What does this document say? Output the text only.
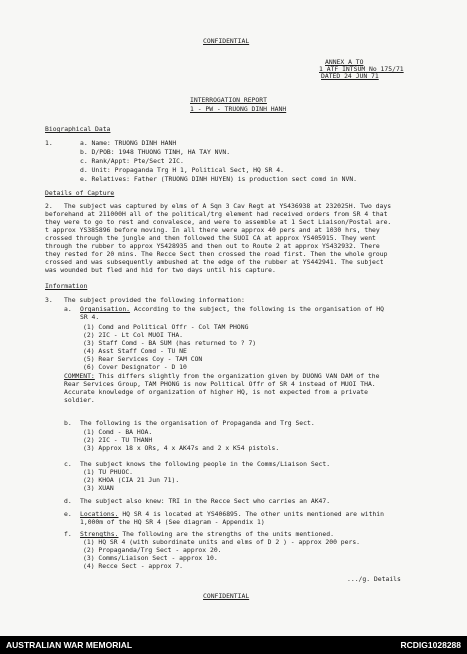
CONFIDENTIAL
ANNEX A TO
1 ATF INTSUM No 175/71
DATED 24 JUN 71
INTERROGATION REPORT
1 - PW - TRUONG DINH HANH
Biographical Data
1.	a. Name: TRUONG DINH HANH
b. D/POB: 1948 THUONG TINH, HA TAY NVN.
c. Rank/Appt: Pte/Sect 2IC.
d. Unit: Propaganda Trg H 1, Political Sect, HQ SR 4.
e. Relatives: Father (TRUONG DINH HUYEN) is production sect comd in NVN.
Details of Capture
2. The subject was captured by elms of A Sqn 3 Cav Regt at YS436938 at 232025H. Two days
beforehand at 211000H all of the political/trg element had received orders from SR 4 that
they were to go to rest and convalesce, and were to assemble at 1 Sect Liaison/Postal are.
t approx YS385896 before moving. In all there were approx 40 pers and at 1030 hrs, they
crossed through the jungle and then followed the SUOI CA at approx YS405915. They went
through the rubber to approx YS428935 and then out to Route 2 at approx YS432932. There
they rested for 20 mins. The Recce Sect then crossed the road first. Then the whole group
crossed and was subsequently ambushed at the edge of the rubber at YS442941. The subject
was wounded but fled and hid for two days until his capture.
Information
3. The subject provided the following information:
a. Organisation. According to the subject, the following is the organisation of HQ
SR 4.
(1) Comd and Political Offr - Col TAM PHONG
(2) 2IC - Lt Col MUOI THA.
(3) Staff Comd - BA SUM (has returned to ? 7)
(4) Asst Staff Comd - TU NE
(5) Rear Services Coy - TAM CON
(6) Cover Designator - D 10
COMMENT: This differs slightly from the organization given by DUONG VAN DAM of the
Rear Services Group, TAM PHONG is now Political Offr of SR 4 instead of MUOI THA.
Accurate knowledge of organization of higher HQ, is not expected from a private
soldier.
b. The following is the organisation of Propaganda and Trg Sect.
(1) Comd - BA HOA.
(2) 2IC - TU THANH
(3) Approx 18 x ORs, 4 x AK47s and 2 x K54 pistols.
c. The subject knows the following people in the Comms/Liaison Sect.
(1) TU PHUOC.
(2) KHOA (CIA 21 Jun 71).
(3) XUAN
d. The subject also knew: TRI in the Recce Sect who carries an AK47.
e. Locations. HQ SR 4 is located at YS406895. The other units mentioned are within
1,000m of the HQ SR 4 (See diagram - Appendix 1)
f. Strengths. The following are the strengths of the units mentioned.
(1) HQ SR 4 (with subordinate units and elms of D 2 ) - approx 200 pers.
(2) Propaganda/Trg Sect - approx 20.
(3) Comms/Liaison Sect - approx 10.
(4) Recce Sect - approx 7.
.../g. Details
CONFIDENTIAL
AUSTRALIAN WAR MEMORIAL	RCDIG1028288
